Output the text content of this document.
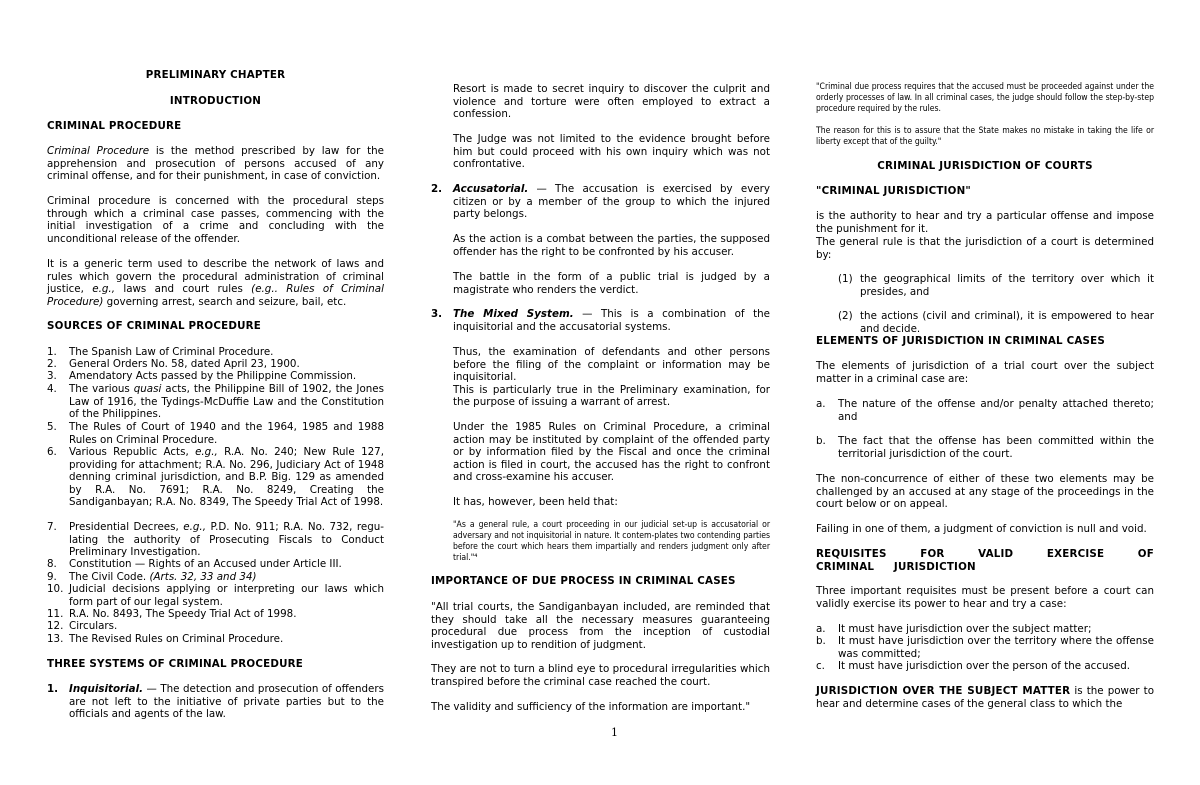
PRELIMINARY CHAPTER
INTRODUCTION
CRIMINAL PROCEDURE
Criminal Procedure is the method prescribed by law for the apprehension and prosecution of persons accused of any criminal offense, and for their punishment, in case of conviction.
Criminal procedure is concerned with the procedural steps through which a criminal case passes, commencing with the initial investigation of a crime and concluding with the unconditional release of the offender.
It is a generic term used to describe the network of laws and rules which govern the procedural administration of criminal justice, e.g., laws and court rules (e.g.. Rules of Criminal Procedure) governing arrest, search and seizure, bail, etc.
SOURCES OF CRIMINAL PROCEDURE
1. The Spanish Law of Criminal Procedure.
2. General Orders No. 58, dated April 23, 1900.
3. Amendatory Acts passed by the Philippine Commission.
4. The various quasi acts, the Philippine Bill of 1902, the Jones Law of 1916, the Tydings-McDuffie Law and the Constitution of the Philippines.
5. The Rules of Court of 1940 and the 1964, 1985 and 1988 Rules on Criminal Procedure.
6. Various Republic Acts, e.g., R.A. No. 240; New Rule 127, providing for attachment; R.A. No. 296, Judiciary Act of 1948 denning criminal jurisdiction, and B.P. Big. 129 as amended by R.A. No. 7691; R.A. No. 8249, Creating the Sandiganbayan; R.A. No. 8349, The Speedy Trial Act of 1998.
7. Presidential Decrees, e.g., P.D. No. 911; R.A. No. 732, regu-lating the authority of Prosecuting Fiscals to Conduct Preliminary Investigation.
8. Constitution — Rights of an Accused under Article III.
9. The Civil Code. (Arts. 32, 33 and 34)
10. Judicial decisions applying or interpreting our laws which form part of our legal system.
11. R.A. No. 8493, The Speedy Trial Act of 1998.
12. Circulars.
13. The Revised Rules on Criminal Procedure.
THREE SYSTEMS OF CRIMINAL PROCEDURE
1. Inquisitorial. — The detection and prosecution of offenders are not left to the initiative of private parties but to the officials and agents of the law.
Resort is made to secret inquiry to discover the culprit and violence and torture were often employed to extract a confession.
The Judge was not limited to the evidence brought before him but could proceed with his own inquiry which was not confrontative.
2. Accusatorial. — The accusation is exercised by every citizen or by a member of the group to which the injured party belongs.
As the action is a combat between the parties, the supposed offender has the right to be confronted by his accuser.
The battle in the form of a public trial is judged by a magistrate who renders the verdict.
3. The Mixed System. — This is a combination of the inquisitorial and the accusatorial systems.
Thus, the examination of defendants and other persons before the filing of the complaint or information may be inquisitorial.
This is particularly true in the Preliminary examination, for the purpose of issuing a warrant of arrest.
Under the 1985 Rules on Criminal Procedure, a criminal action may be instituted by complaint of the offended party or by information filed by the Fiscal and once the criminal action is filed in court, the accused has the right to confront and cross-examine his accuser.
It has, however, been held that:
"As a general rule, a court proceeding in our judicial set-up is accusatorial or adversary and not inquisitorial in nature. It contem-plates two contending parties before the court which hears them impartially and renders judgment only after trial."⁴
IMPORTANCE OF DUE PROCESS IN CRIMINAL CASES
"All trial courts, the Sandiganbayan included, are reminded that they should take all the necessary measures guaranteeing procedural due process from the inception of custodial investigation up to rendition of judgment.
They are not to turn a blind eye to procedural irregularities which transpired before the criminal case reached the court.
The validity and sufficiency of the information are important."
"Criminal due process requires that the accused must be proceeded against under the orderly processes of law. In all criminal cases, the judge should follow the step-by-step procedure required by the rules.
The reason for this is to assure that the State makes no mistake in taking the life or liberty except that of the guilty."
CRIMINAL JURISDICTION OF COURTS
"CRIMINAL JURISDICTION"
is the authority to hear and try a particular offense and impose the punishment for it.
The general rule is that the jurisdiction of a court is determined by:
(1) the geographical limits of the territory over which it presides, and
(2) the actions (civil and criminal), it is empowered to hear and decide.
ELEMENTS OF JURISDICTION IN CRIMINAL CASES
The elements of jurisdiction of a trial court over the subject matter in a criminal case are:
a. The nature of the offense and/or penalty attached thereto; and
b. The fact that the offense has been committed within the territorial jurisdiction of the court.
The non-concurrence of either of these two elements may be challenged by an accused at any stage of the proceedings in the court below or on appeal.
Failing in one of them, a judgment of conviction is null and void.
REQUISITES FOR VALID EXERCISE OF CRIMINAL JURISDICTION
Three important requisites must be present before a court can validly exercise its power to hear and try a case:
a. It must have jurisdiction over the subject matter;
b. It must have jurisdiction over the territory where the offense was committed;
c. It must have jurisdiction over the person of the accused.
JURISDICTION OVER THE SUBJECT MATTER is the power to hear and determine cases of the general class to which the
1
